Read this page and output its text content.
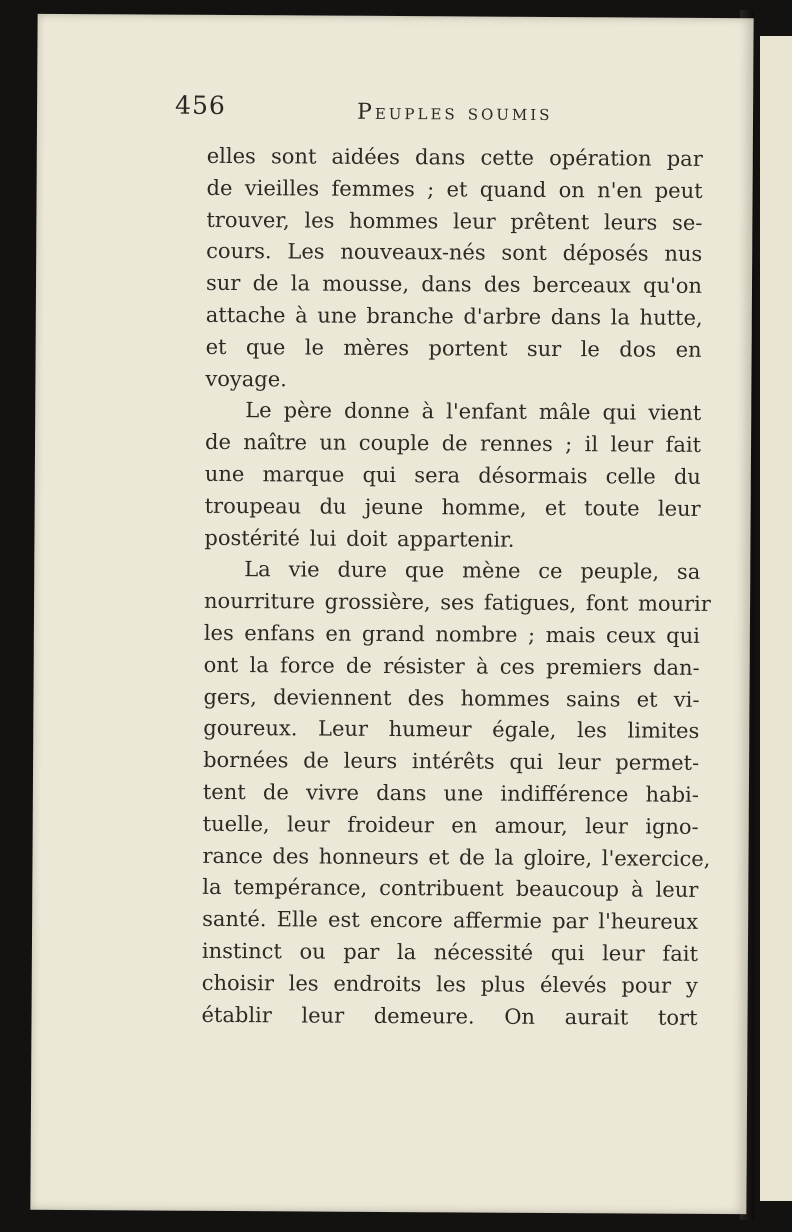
456	Peuples soumis
elles sont aidées dans cette opération par
de vieilles femmes ; et quand on n'en peut
trouver, les hommes leur prêtent leurs se-
cours. Les nouveaux-nés sont déposés nus
sur de la mousse, dans des berceaux qu'on
attache à une branche d'arbre dans la hutte,
et que le mères portent sur le dos en
voyage.
Le père donne à l'enfant mâle qui vient
de naître un couple de rennes ; il leur fait
une marque qui sera désormais celle du
troupeau du jeune homme, et toute leur
postérité lui doit appartenir.
La vie dure que mène ce peuple, sa
nourriture grossière, ses fatigues, font mourir
les enfans en grand nombre ; mais ceux qui
ont la force de résister à ces premiers dan-
gers, deviennent des hommes sains et vi-
goureux. Leur humeur égale, les limites
bornées de leurs intérêts qui leur permet-
tent de vivre dans une indifférence habi-
tuelle, leur froideur en amour, leur igno-
rance des honneurs et de la gloire, l'exercice,
la tempérance, contribuent beaucoup à leur
santé. Elle est encore affermie par l'heureux
instinct ou par la nécessité qui leur fait
choisir les endroits les plus élevés pour y
établir leur demeure. On aurait tort
